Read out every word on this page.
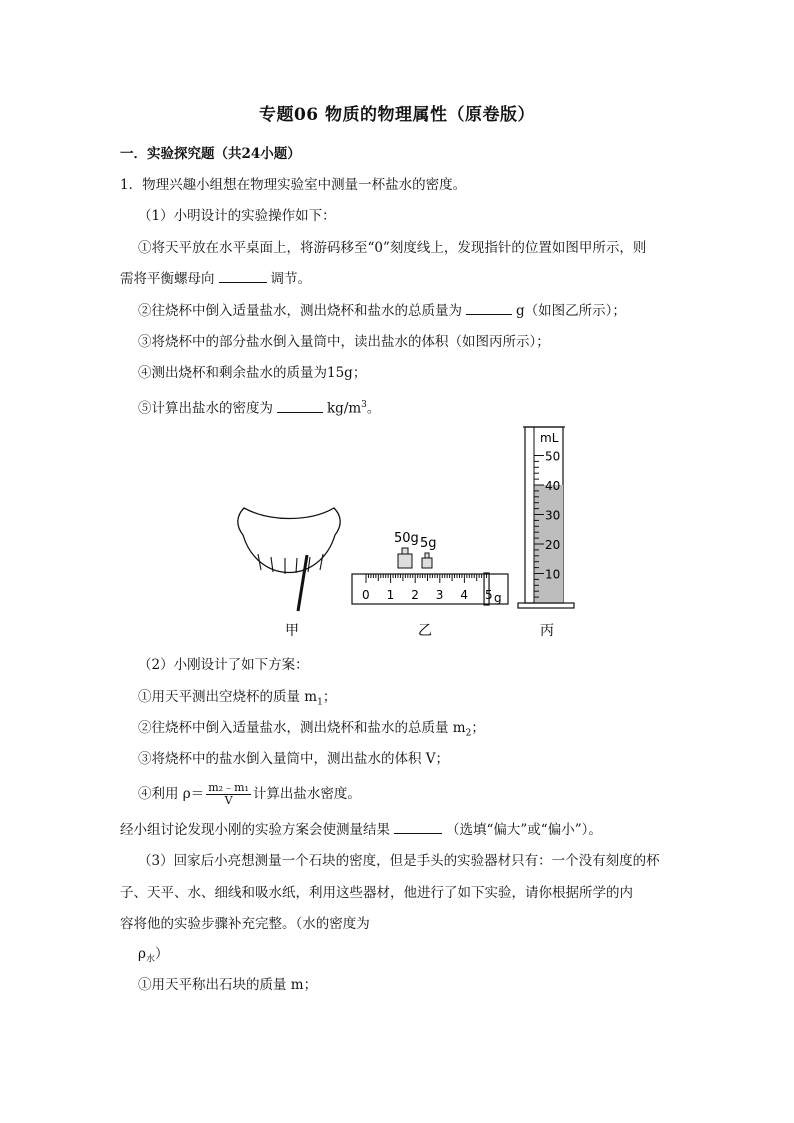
专题06 物质的物理属性（原卷版）
一．实验探究题（共24小题）
1．物理兴趣小组想在物理实验室中测量一杯盐水的密度。
（1）小明设计的实验操作如下：
①将天平放在水平桌面上，将游码移至“0”刻度线上，发现指针的位置如图甲所示，则
需将平衡螺母向	调节。
②往烧杯中倒入适量盐水，测出烧杯和盐水的总质量为	g（如图乙所示）；
③将烧杯中的部分盐水倒入量筒中，读出盐水的体积（如图丙所示）；
④测出烧杯和剩余盐水的质量为15g；
⑤计算出盐水的密度为	$kg/m^3$。
甲
50g 5g
0 1 2 3 4 5 g
乙
mL
50
40
30
20
10
丙
（2）小刚设计了如下方案：
①用天平测出空烧杯的质量 $m_1$；
②往烧杯中倒入适量盐水，测出烧杯和盐水的总质量 $m_2$；
③将烧杯中的盐水倒入量筒中，测出盐水的体积 V；
④利用 $\rho= \frac{\text{m₂﹣m₁}}{V}$ 计算出盐水密度。
经小组讨论发现小刚的实验方案会使测量结果	（选填“偏大”或“偏小”）。
（3）回家后小亮想测量一个石块的密度，但是手头的实验器材只有：一个没有刻度的杯
子、天平、水、细线和吸水纸，利用这些器材，他进行了如下实验，请你根据所学的内
容将他的实验步骤补充完整。（水的密度为
$\rho_水$）
①用天平称出石块的质量 m；
